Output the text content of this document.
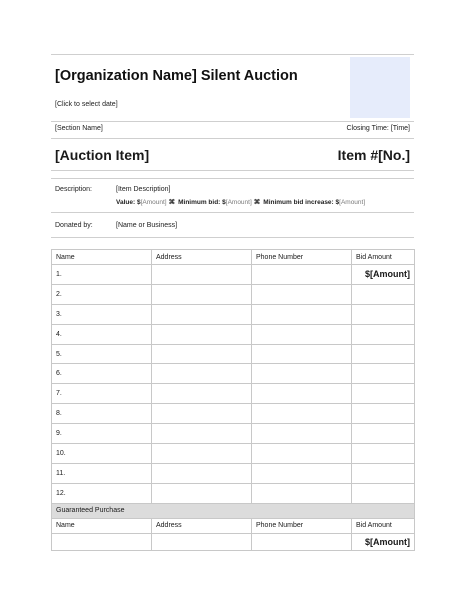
[Organization Name] Silent Auction
[Click to select date]
[Section Name]	Closing Time: [Time]
[Auction Item]	Item #[No.]
Description:	[Item Description]
Value: $[Amount] ⌘ Minimum bid: $[Amount] ⌘ Minimum bid increase: $[Amount]
Donated by:	[Name or Business]
Name	Address	Phone Number	Bid Amount
1.			$[Amount]
2.			
3.			
4.			
5.			
6.			
7.			
8.			
9.			
10.			
11.			
12.			
Guaranteed Purchase			
Name	Address	Phone Number	Bid Amount
			$[Amount]
